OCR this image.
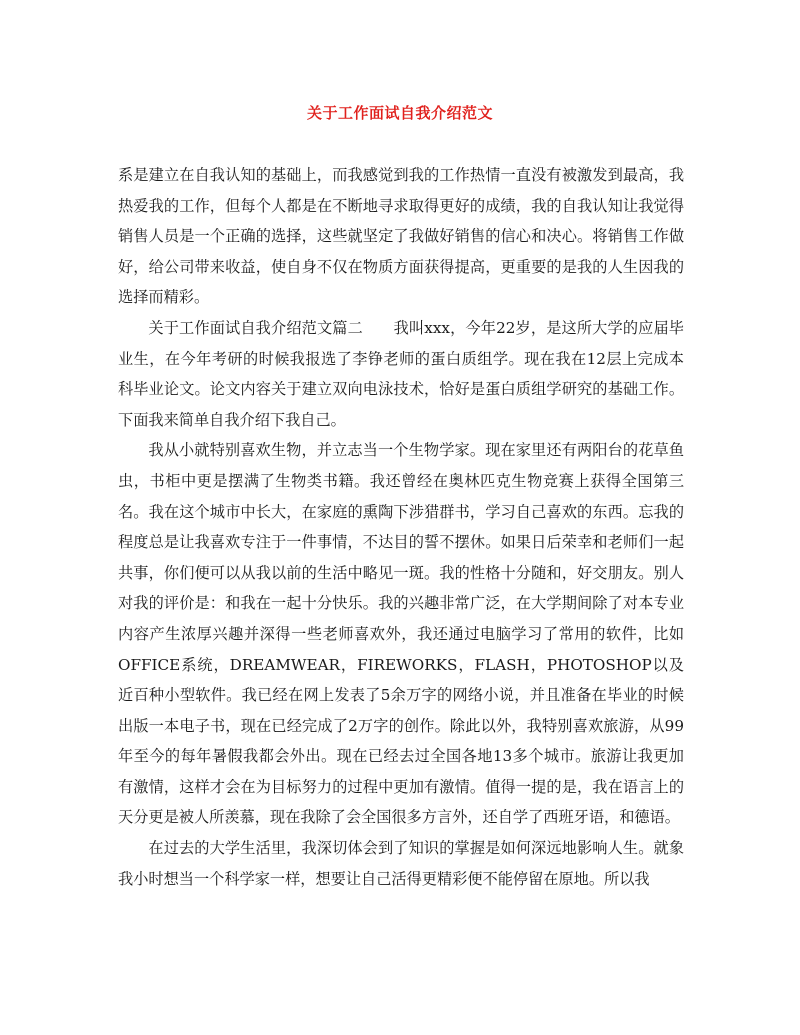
关于工作面试自我介绍范文

系是建立在自我认知的基础上，而我感觉到我的工作热情一直没有被激发到最高，我热爱我的工作，但每个人都是在不断地寻求取得更好的成绩，我的自我认知让我觉得销售人员是一个正确的选择，这些就坚定了我做好销售的信心和决心。将销售工作做好，给公司带来收益，使自身不仅在物质方面获得提高，更重要的是我的人生因我的选择而精彩。

关于工作面试自我介绍范文篇二　　我叫xxx，今年22岁，是这所大学的应届毕业生，在今年考研的时候我报选了李铮老师的蛋白质组学。现在我在12层上完成本科毕业论文。论文内容关于建立双向电泳技术，恰好是蛋白质组学研究的基础工作。下面我来简单自我介绍下我自己。

我从小就特别喜欢生物，并立志当一个生物学家。现在家里还有两阳台的花草鱼虫，书柜中更是摆满了生物类书籍。我还曾经在奥林匹克生物竞赛上获得全国第三名。我在这个城市中长大，在家庭的熏陶下涉猎群书，学习自己喜欢的东西。忘我的程度总是让我喜欢专注于一件事情，不达目的誓不摆休。如果日后荣幸和老师们一起共事，你们便可以从我以前的生活中略见一斑。我的性格十分随和，好交朋友。别人对我的评价是：和我在一起十分快乐。我的兴趣非常广泛，在大学期间除了对本专业内容产生浓厚兴趣并深得一些老师喜欢外，我还通过电脑学习了常用的软件，比如OFFICE系统，DREAMWEAR，FIREWORKS，FLASH，PHOTOSHOP以及近百种小型软件。我已经在网上发表了5余万字的网络小说，并且准备在毕业的时候出版一本电子书，现在已经完成了2万字的创作。除此以外，我特别喜欢旅游，从99年至今的每年暑假我都会外出。现在已经去过全国各地13多个城市。旅游让我更加有激情，这样才会在为目标努力的过程中更加有激情。值得一提的是，我在语言上的天分更是被人所羡慕，现在我除了会全国很多方言外，还自学了西班牙语，和德语。

在过去的大学生活里，我深切体会到了知识的掌握是如何深远地影响人生。就象我小时想当一个科学家一样，想要让自己活得更精彩便不能停留在原地。所以我
